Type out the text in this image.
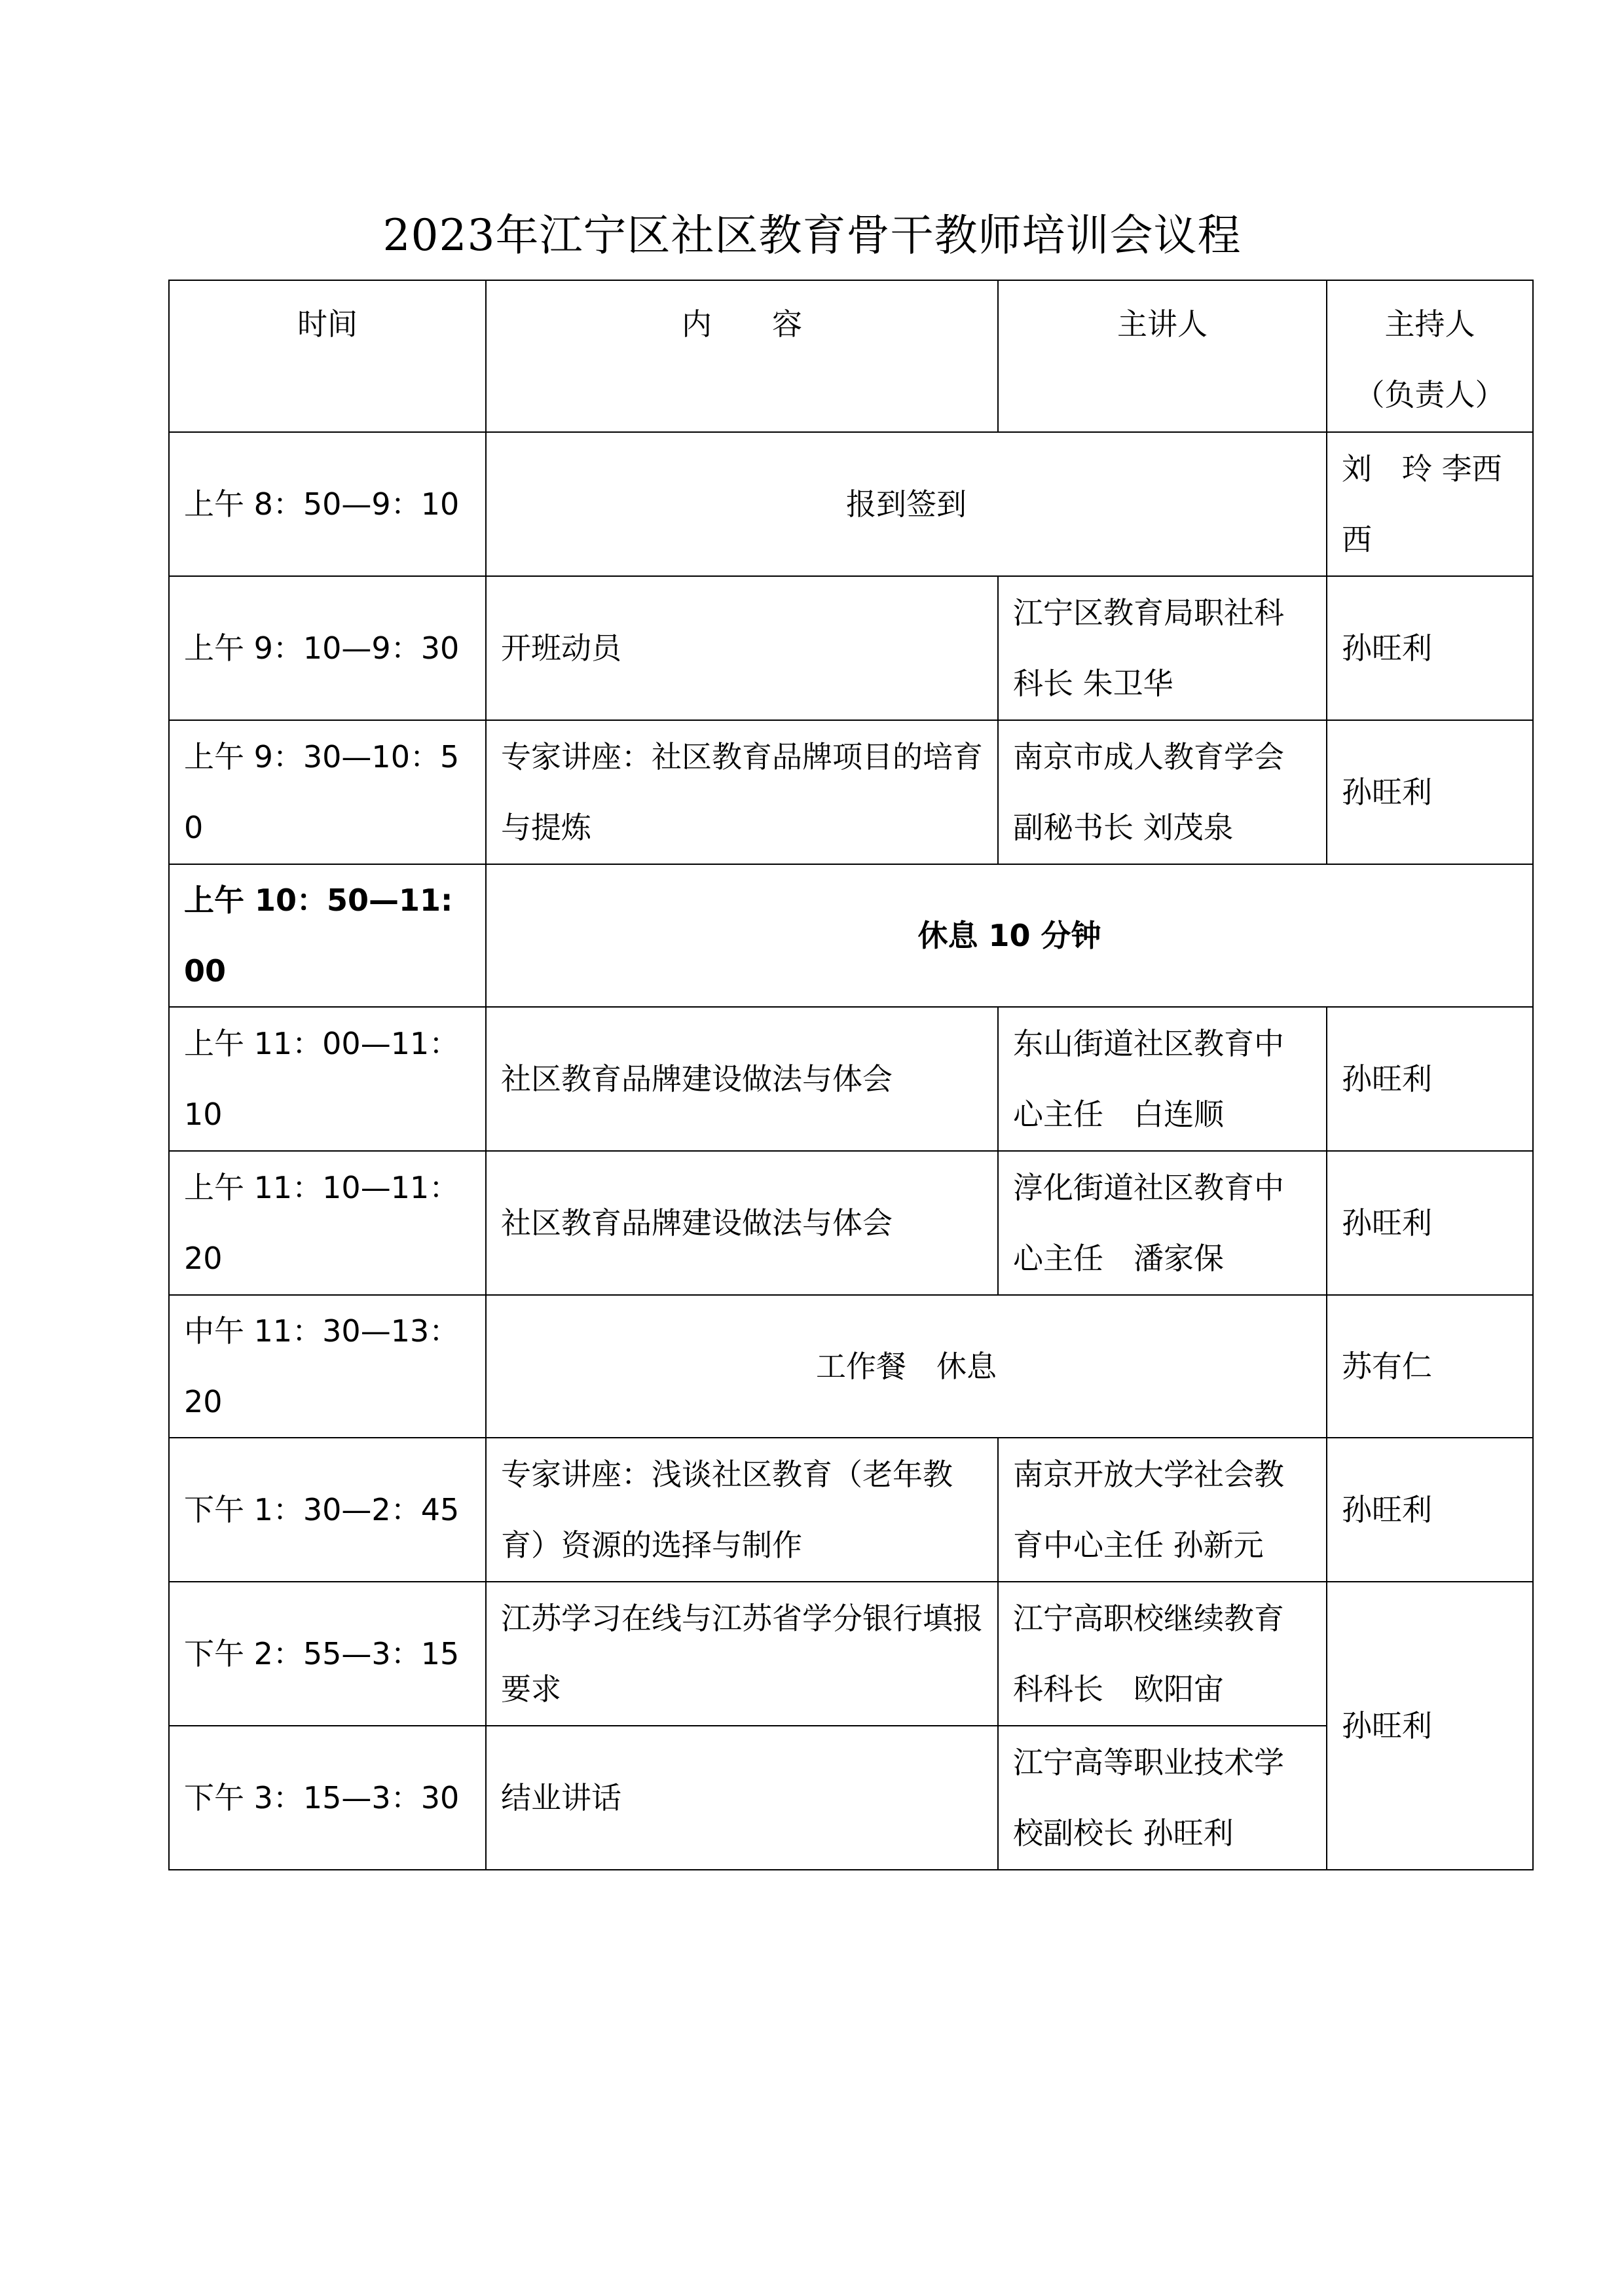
2023年江宁区社区教育骨干教师培训会议程
时间	内　　容	主讲人	主持人
（负责人）

上午 8：50—9：10	报到签到		刘　玲 李西西
上午 9：10—9：30	开班动员	江宁区教育局职社科科长 朱卫华	孙旺利
上午 9：30—10：50	专家讲座：社区教育品牌项目的培育与提炼	南京市成人教育学会副秘书长 刘茂泉	孙旺利
上午 10：50—11:00	休息 10 分钟		
上午 11：00—11：10	社区教育品牌建设做法与体会	东山街道社区教育中心主任　白连顺	孙旺利
上午 11：10—11：20	社区教育品牌建设做法与体会	淳化街道社区教育中心主任　潘家保	孙旺利
中午 11：30—13：20	工作餐　休息		苏有仁
下午 1：30—2：45	专家讲座：浅谈社区教育（老年教育）资源的选择与制作	南京开放大学社会教育中心主任 孙新元	孙旺利
下午 2：55—3：15	江苏学习在线与江苏省学分银行填报要求	江宁高职校继续教育科科长　欧阳宙	孙旺利
下午 3：15—3：30	结业讲话	江宁高等职业技术学校副校长 孙旺利	
